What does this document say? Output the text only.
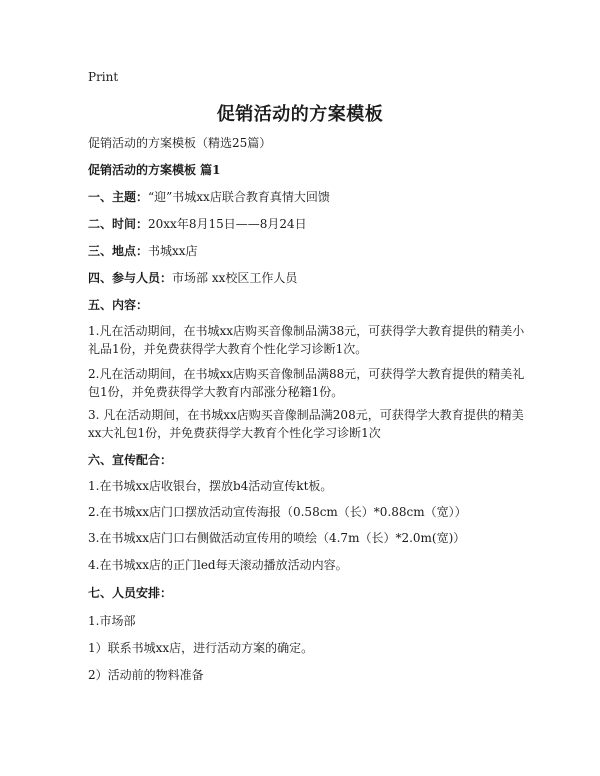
Print
促销活动的方案模板
促销活动的方案模板（精选25篇）
促销活动的方案模板 篇1
一、主题：“迎”书城xx店联合教育真情大回馈
二、时间：20xx年8月15日——8月24日
三、地点：书城xx店
四、参与人员：市场部 xx校区工作人员
五、内容：
1.凡在活动期间，在书城xx店购买音像制品满38元，可获得学大教育提供的精美小礼品1份，并免费获得学大教育个性化学习诊断1次。
2.凡在活动期间，在书城xx店购买音像制品满88元，可获得学大教育提供的精美礼包1份，并免费获得学大教育内部涨分秘籍1份。
3. 凡在活动期间，在书城xx店购买音像制品满208元，可获得学大教育提供的精美xx大礼包1份，并免费获得学大教育个性化学习诊断1次
六、宣传配合：
1.在书城xx店收银台，摆放b4活动宣传kt板。
2.在书城xx店门口摆放活动宣传海报（0.58cm（长）*0.88cm（宽））
3.在书城xx店门口右侧做活动宣传用的喷绘（4.7m（长）*2.0m(宽)）
4.在书城xx店的正门led每天滚动播放活动内容。
七、人员安排：
1.市场部
1）联系书城xx店，进行活动方案的确定。
2）活动前的物料准备
